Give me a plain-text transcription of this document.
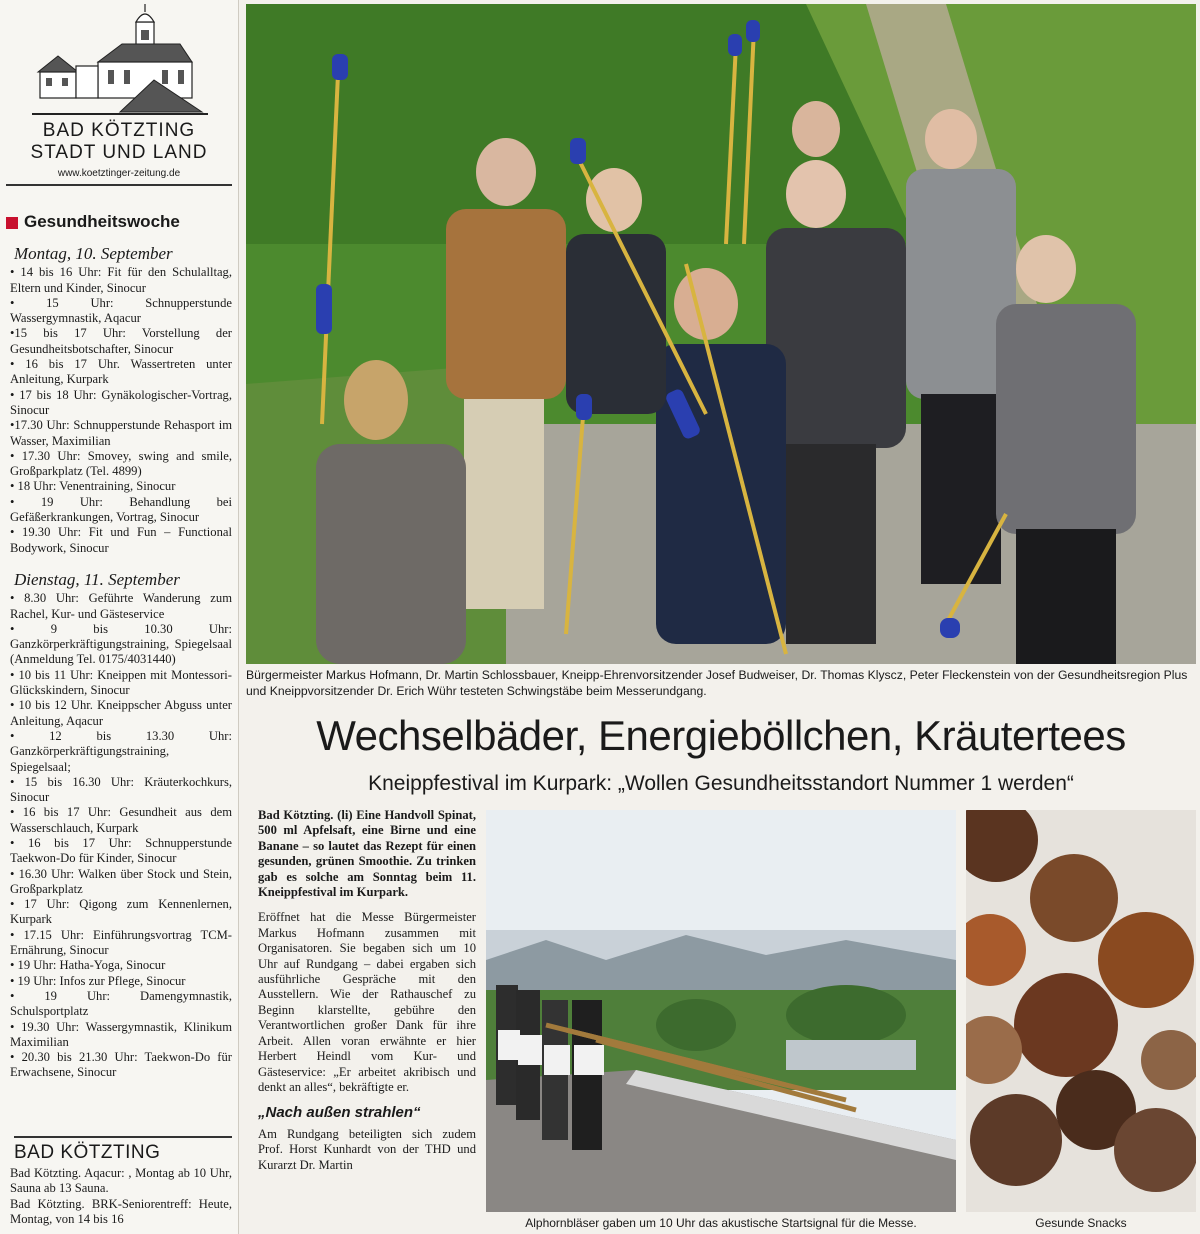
BAD KÖTZTING
STADT UND LAND
www.koetztinger-zeitung.de
Gesundheitswoche
Montag, 10. September

• 14 bis 16 Uhr: Fit für den Schulalltag, Eltern und Kinder, Sinocur

• 15 Uhr: Schnupperstunde Wassergymnastik, Aqacur

•15 bis 17 Uhr: Vorstellung der Gesundheitsbotschafter, Sinocur

• 16 bis 17 Uhr. Wassertreten unter Anleitung, Kurpark

• 17 bis 18 Uhr: Gynäkologischer-Vortrag, Sinocur

•17.30 Uhr: Schnupperstunde Rehasport im Wasser, Maximilian

• 17.30 Uhr: Smovey, swing and smile, Großparkplatz (Tel. 4899)

• 18 Uhr: Venentraining, Sinocur

• 19 Uhr: Behandlung bei Gefäßerkrankungen, Vortrag, Sinocur

• 19.30 Uhr: Fit und Fun – Functional Bodywork, Sinocur

Dienstag, 11. September

• 8.30 Uhr: Geführte Wanderung zum Rachel, Kur- und Gästeservice

• 9 bis 10.30 Uhr: Ganzkörperkräftigungstraining, Spiegelsaal (Anmeldung Tel. 0175/4031440)

• 10 bis 11 Uhr: Kneippen mit Montessori-Glückskindern, Sinocur

• 10 bis 12 Uhr. Kneippscher Abguss unter Anleitung, Aqacur

• 12 bis 13.30 Uhr: Ganzkörperkräftigungstraining, Spiegelsaal;

• 15 bis 16.30 Uhr: Kräuterkochkurs, Sinocur

• 16 bis 17 Uhr: Gesundheit aus dem Wasserschlauch, Kurpark

• 16 bis 17 Uhr: Schnupperstunde Taekwon-Do für Kinder, Sinocur

• 16.30 Uhr: Walken über Stock und Stein, Großparkplatz

• 17 Uhr: Qigong zum Kennenlernen, Kurpark

• 17.15 Uhr: Einführungsvortrag TCM-Ernährung, Sinocur

• 19 Uhr: Hatha-Yoga, Sinocur

• 19 Uhr: Infos zur Pflege, Sinocur

• 19 Uhr: Damengymnastik, Schulsportplatz

• 19.30 Uhr: Wassergymnastik, Klinikum Maximilian

• 20.30 bis 21.30 Uhr: Taekwon-Do für Erwachsene, Sinocur

BAD KÖTZTING

Bad Kötzting. Aqacur: , Montag ab 10 Uhr, Sauna ab 13 Sauna.

Bad Kötzting. BRK-Seniorentreff: Heute, Montag, von 14 bis 16

Bürgermeister Markus Hofmann, Dr. Martin Schlossbauer, Kneipp-Ehrenvorsitzender Josef Budweiser, Dr. Thomas Klyscz, Peter Fleckenstein von der Gesundheitsregion Plus und Kneippvorsitzender Dr. Erich Wühr testeten Schwingstäbe beim Messerundgang.
Wechselbäder, Energieböllchen, Kräutertees
Kneippfestival im Kurpark: „Wollen Gesundheitsstandort Nummer 1 werden“

Bad Kötzting. (li) Eine Handvoll Spinat, 500 ml Apfelsaft, eine Birne und eine Banane – so lautet das Rezept für einen gesunden, grünen Smoothie. Zu trinken gab es solche am Sonntag beim 11. Kneippfestival im Kurpark.

Eröffnet hat die Messe Bürgermeister Markus Hofmann zusammen mit Organisatoren. Sie begaben sich um 10 Uhr auf Rundgang – dabei ergaben sich ausführliche Gespräche mit den Ausstellern. Wie der Rathauschef zu Beginn klarstellte, gebühre den Verantwortlichen großer Dank für ihre Arbeit. Allen voran erwähnte er hier Herbert Heindl vom Kur- und Gästeservice: „Er arbeitet akribisch und denkt an alles“, bekräftigte er.

„Nach außen strahlen“

Am Rundgang beteiligten sich zudem Prof. Horst Kunhardt von der THD und Kurarzt Dr. Martin

Alphornbläser gaben um 10 Uhr das akustische Startsignal für die Messe.	Gesunde Snacks
